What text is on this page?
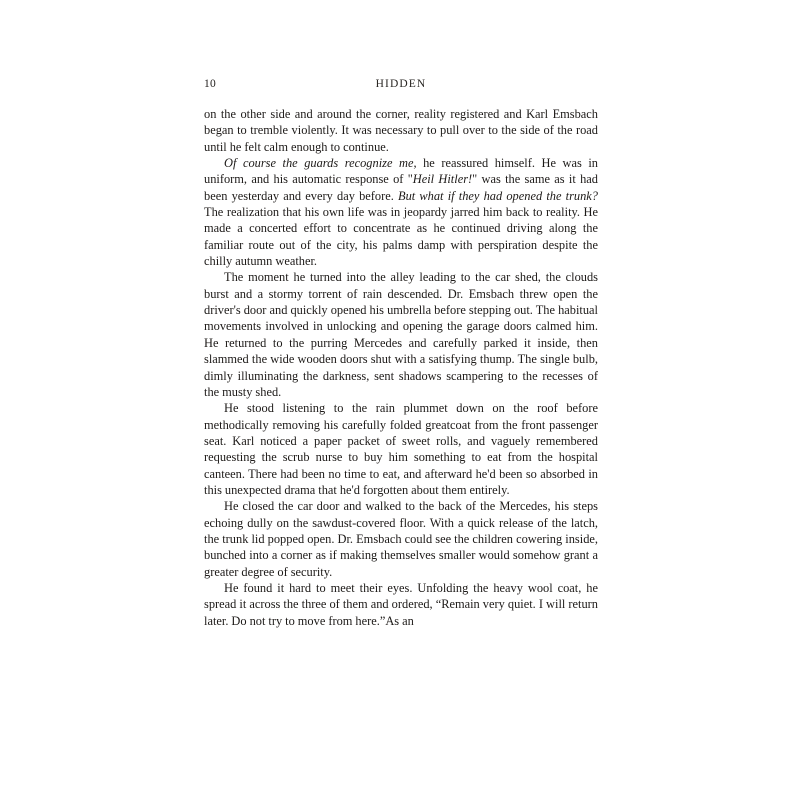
10	HIDDEN

on the other side and around the corner, reality registered and Karl Emsbach began to tremble violently. It was necessary to pull over to the side of the road until he felt calm enough to continue.

Of course the guards recognize me, he reassured himself. He was in uniform, and his automatic response of "Heil Hitler!" was the same as it had been yesterday and every day before. But what if they had opened the trunk? The realization that his own life was in jeopardy jarred him back to reality. He made a concerted effort to concentrate as he continued driving along the familiar route out of the city, his palms damp with perspiration despite the chilly autumn weather.

The moment he turned into the alley leading to the car shed, the clouds burst and a stormy torrent of rain descended. Dr. Emsbach threw open the driver's door and quickly opened his umbrella before stepping out. The habitual movements involved in unlocking and opening the garage doors calmed him. He returned to the purring Mercedes and carefully parked it inside, then slammed the wide wooden doors shut with a satisfying thump. The single bulb, dimly illuminating the darkness, sent shadows scampering to the recesses of the musty shed.

He stood listening to the rain plummet down on the roof before methodically removing his carefully folded greatcoat from the front passenger seat. Karl noticed a paper packet of sweet rolls, and vaguely remembered requesting the scrub nurse to buy him something to eat from the hospital canteen. There had been no time to eat, and afterward he'd been so absorbed in this unexpected drama that he'd forgotten about them entirely.

He closed the car door and walked to the back of the Mercedes, his steps echoing dully on the sawdust-covered floor. With a quick release of the latch, the trunk lid popped open. Dr. Emsbach could see the children cowering inside, bunched into a corner as if making themselves smaller would somehow grant a greater degree of security.

He found it hard to meet their eyes. Unfolding the heavy wool coat, he spread it across the three of them and ordered, “Remain very quiet. I will return later. Do not try to move from here.”As an
